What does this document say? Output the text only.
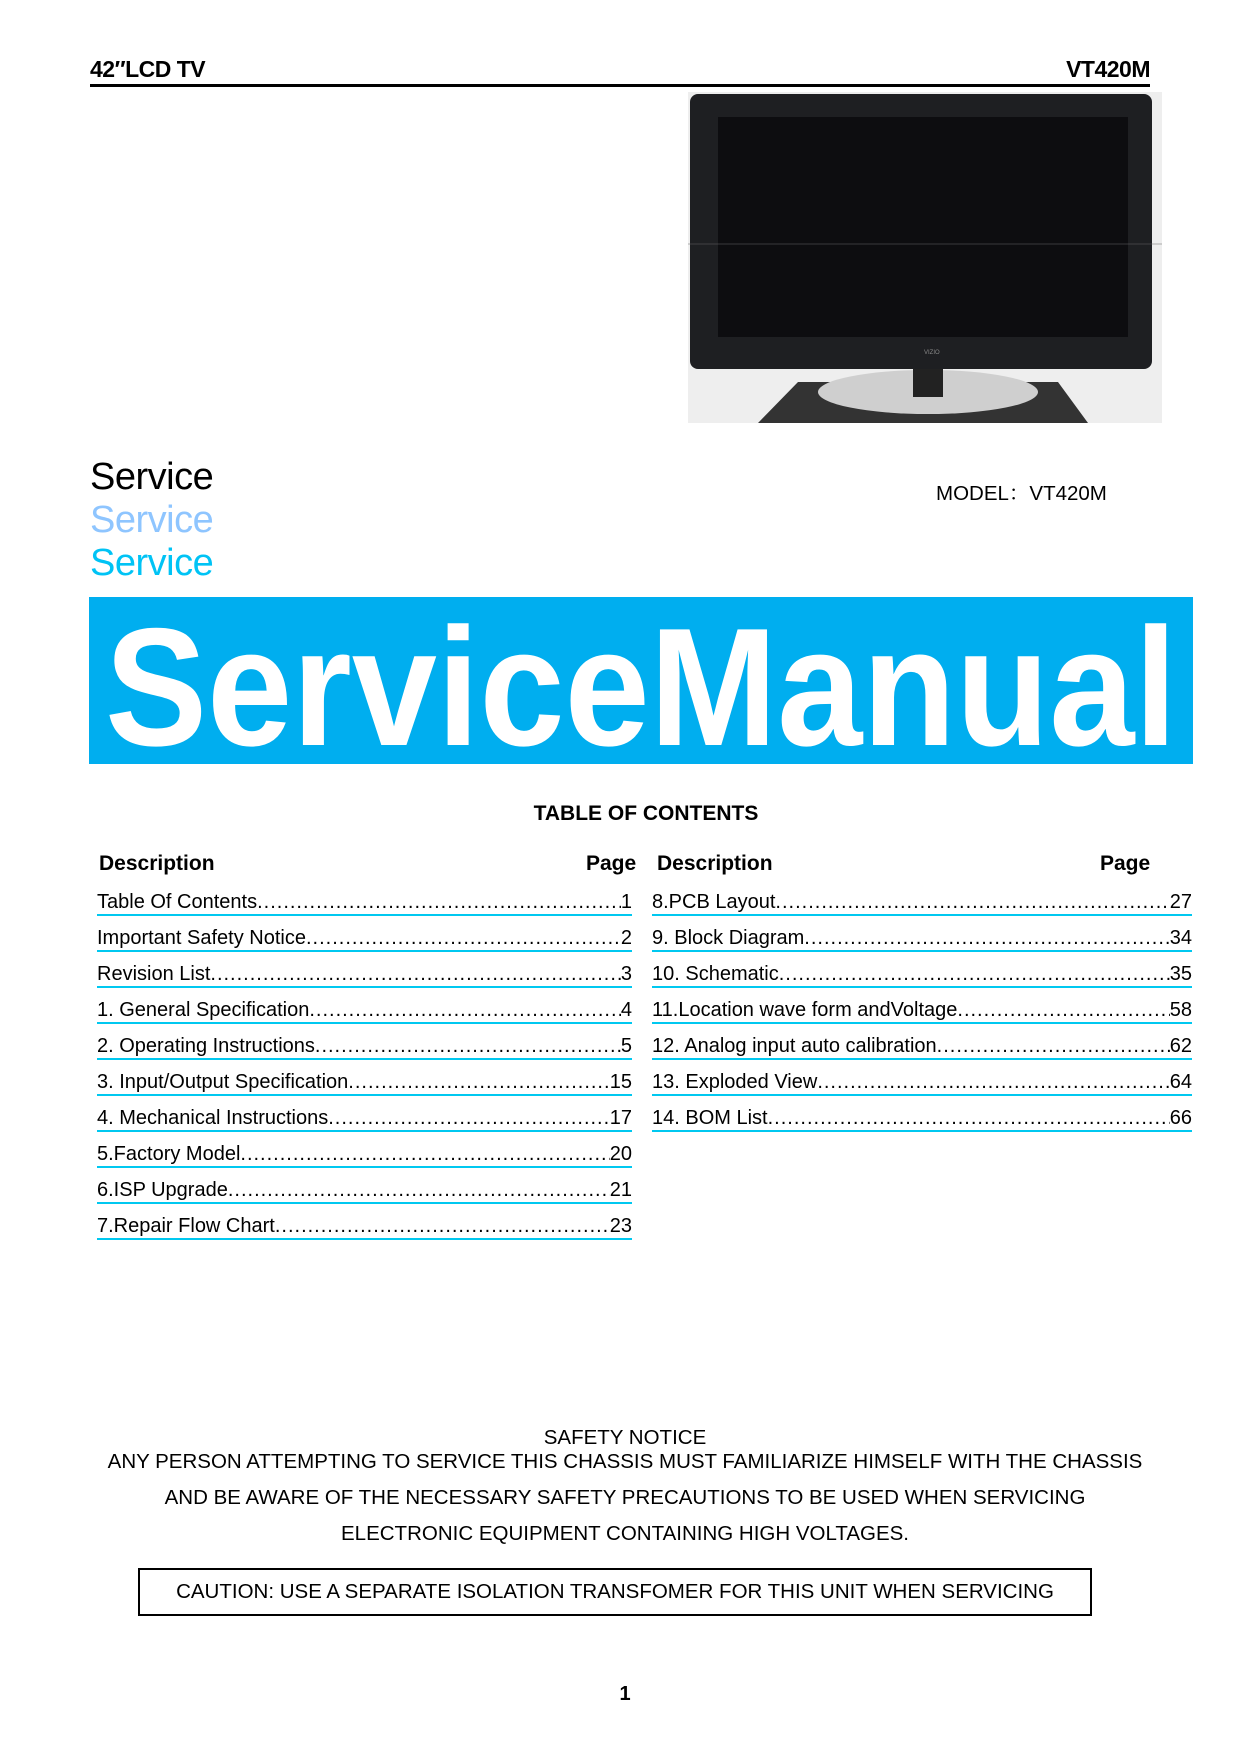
42″LCD TV	VT420M
VIZIO
Service
Service
Service
MODEL：VT420M
ServiceManual
TABLE OF CONTENTS
Description	Page Description	Page
Table Of Contents .....	1
Important Safety Notice .....	2
Revision List .....	3
1. General Specification .....	4
2. Operating Instructions .....	5
3. Input/Output Specification .....	15
4. Mechanical Instructions .....	17
5.Factory Model .....	20
6.ISP Upgrade .....	21
7.Repair Flow Chart .....	23
8.PCB Layout .....	27
9. Block Diagram .....	34
10. Schematic .....	35
11.Location wave form andVoltage .....	58
12. Analog input auto calibration .....	62
13. Exploded View .....	64
14. BOM List .....	66
SAFETY NOTICE
ANY PERSON ATTEMPTING TO SERVICE THIS CHASSIS MUST FAMILIARIZE HIMSELF WITH THE CHASSIS
AND BE AWARE OF THE NECESSARY SAFETY PRECAUTIONS TO BE USED WHEN SERVICING
ELECTRONIC EQUIPMENT CONTAINING HIGH VOLTAGES.
CAUTION: USE A SEPARATE ISOLATION TRANSFOMER FOR THIS UNIT WHEN SERVICING
1
